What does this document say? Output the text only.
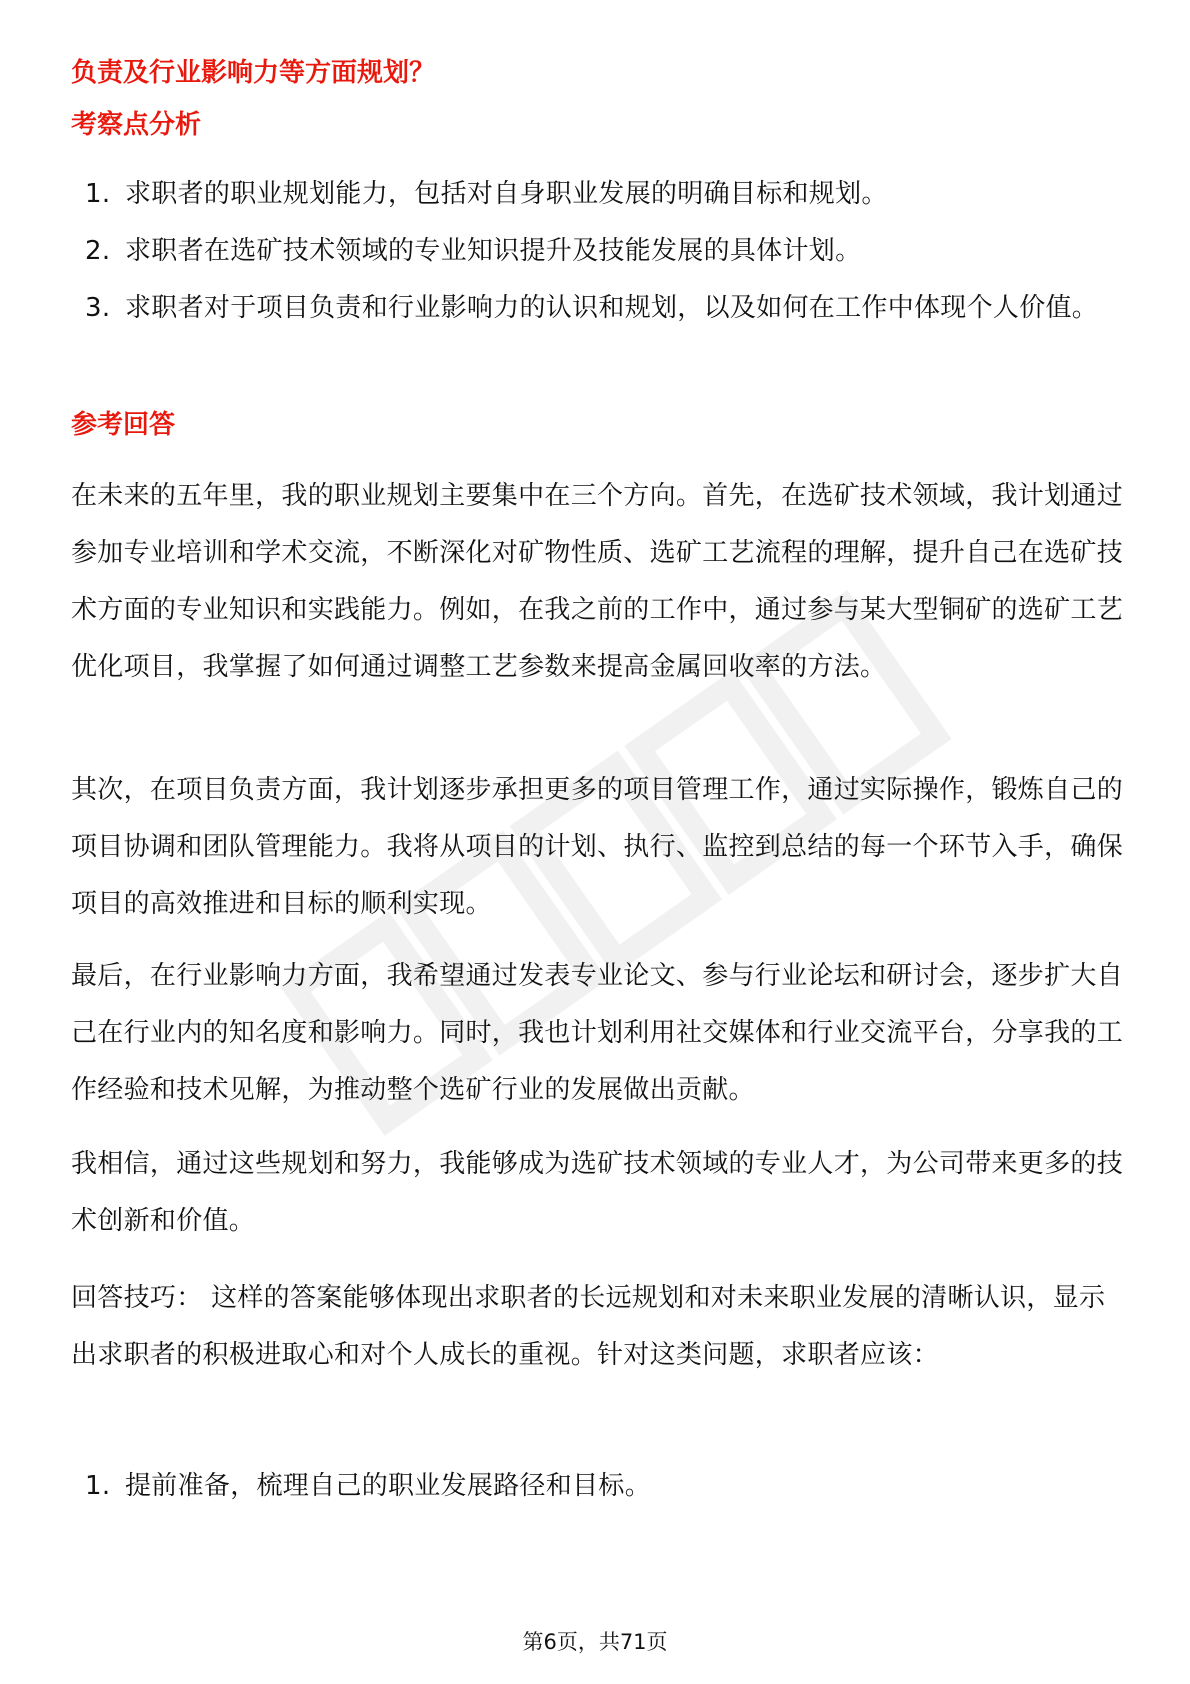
负责及行业影响力等方面规划？
考察点分析
1. 求职者的职业规划能力，包括对自身职业发展的明确目标和规划。
2. 求职者在选矿技术领域的专业知识提升及技能发展的具体计划。
3. 求职者对于项目负责和行业影响力的认识和规划，以及如何在工作中体现个人价值。
参考回答

在未来的五年里，我的职业规划主要集中在三个方向。首先，在选矿技术领域，我计划通过参加专业培训和学术交流，不断深化对矿物性质、选矿工艺流程的理解，提升自己在选矿技术方面的专业知识和实践能力。例如，在我之前的工作中，通过参与某大型铜矿的选矿工艺优化项目，我掌握了如何通过调整工艺参数来提高金属回收率的方法。

其次，在项目负责方面，我计划逐步承担更多的项目管理工作，通过实际操作，锻炼自己的项目协调和团队管理能力。我将从项目的计划、执行、监控到总结的每一个环节入手，确保项目的高效推进和目标的顺利实现。

最后，在行业影响力方面，我希望通过发表专业论文、参与行业论坛和研讨会，逐步扩大自己在行业内的知名度和影响力。同时，我也计划利用社交媒体和行业交流平台，分享我的工作经验和技术见解，为推动整个选矿行业的发展做出贡献。

我相信，通过这些规划和努力，我能够成为选矿技术领域的专业人才，为公司带来更多的技术创新和价值。

回答技巧： 这样的答案能够体现出求职者的长远规划和对未来职业发展的清晰认识，显示出求职者的积极进取心和对个人成长的重视。针对这类问题，求职者应该：

1. 提前准备，梳理自己的职业发展路径和目标。
第6页，共71页
